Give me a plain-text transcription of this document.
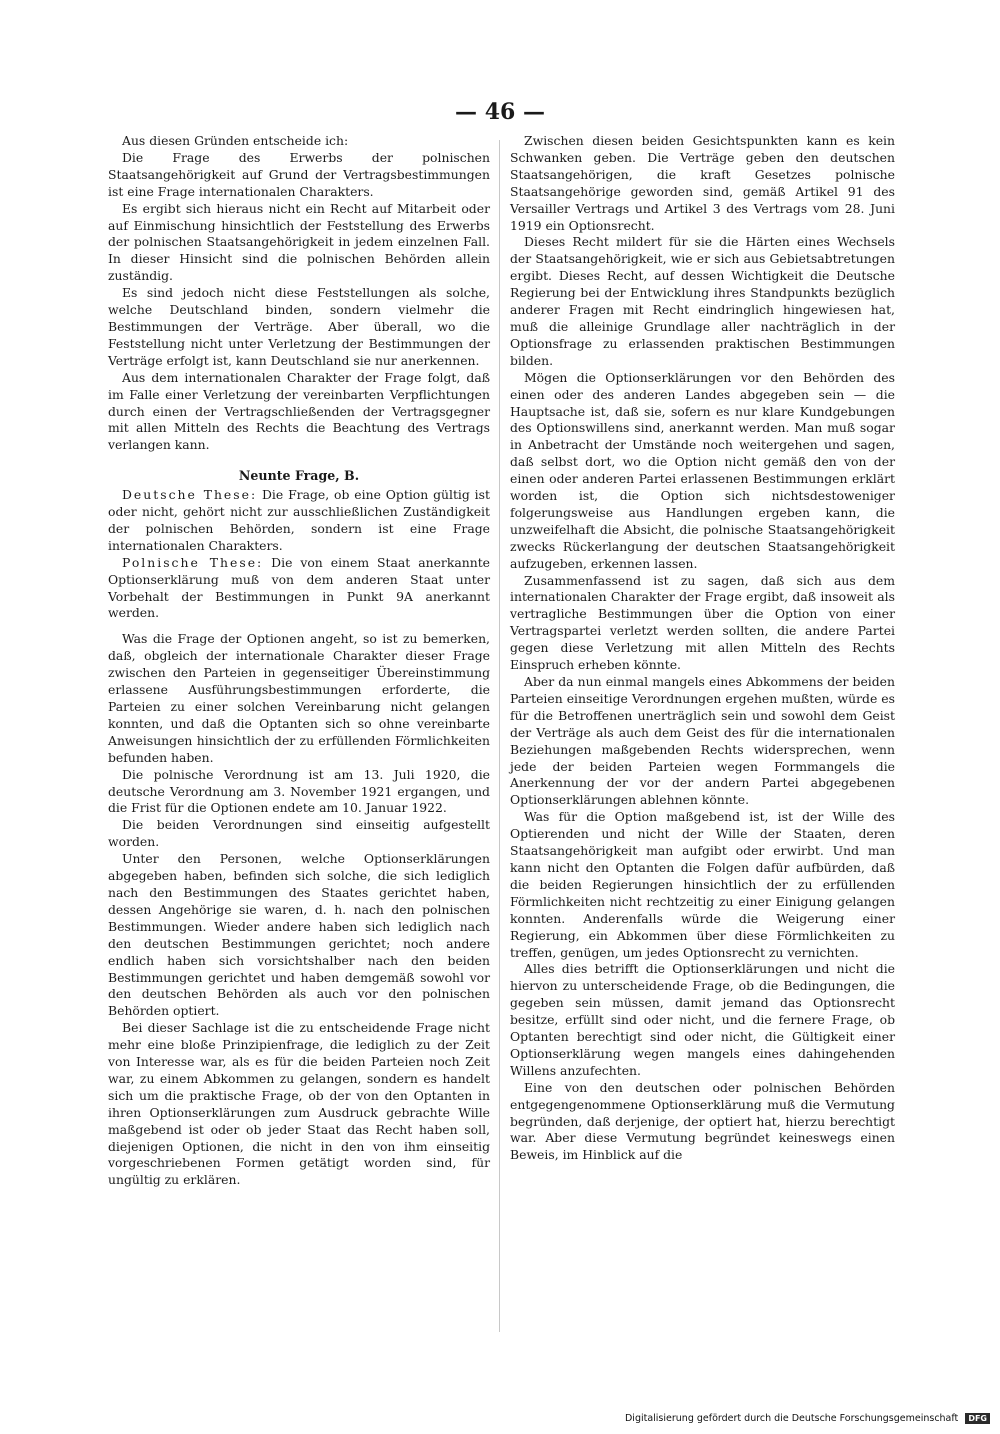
— 46 —

Aus diesen Gründen entscheide ich:

Die Frage des Erwerbs der polnischen Staatsangehörigkeit auf Grund der Vertragsbestimmungen ist eine Frage internationalen Charakters.

Es ergibt sich hieraus nicht ein Recht auf Mitarbeit oder auf Einmischung hinsichtlich der Feststellung des Erwerbs der polnischen Staatsangehörigkeit in jedem einzelnen Fall. In dieser Hinsicht sind die polnischen Behörden allein zuständig.

Es sind jedoch nicht diese Feststellungen als solche, welche Deutschland binden, sondern vielmehr die Bestimmungen der Verträge. Aber überall, wo die Feststellung nicht unter Verletzung der Bestimmungen der Verträge erfolgt ist, kann Deutschland sie nur anerkennen.

Aus dem internationalen Charakter der Frage folgt, daß im Falle einer Verletzung der vereinbarten Verpflichtungen durch einen der Vertragschließenden der Vertragsgegner mit allen Mitteln des Rechts die Beachtung des Vertrags verlangen kann.

Neunte Frage, B.

Deutsche These: Die Frage, ob eine Option gültig ist oder nicht, gehört nicht zur ausschließlichen Zuständigkeit der polnischen Behörden, sondern ist eine Frage internationalen Charakters.

Polnische These: Die von einem Staat anerkannte Optionserklärung muß von dem anderen Staat unter Vorbehalt der Bestimmungen in Punkt 9A anerkannt werden.

Was die Frage der Optionen angeht, so ist zu bemerken, daß, obgleich der internationale Charakter dieser Frage zwischen den Parteien in gegenseitiger Übereinstimmung erlassene Ausführungsbestimmungen erforderte, die Parteien zu einer solchen Vereinbarung nicht gelangen konnten, und daß die Optanten sich so ohne vereinbarte Anweisungen hinsichtlich der zu erfüllenden Förmlichkeiten befunden haben.

Die polnische Verordnung ist am 13. Juli 1920, die deutsche Verordnung am 3. November 1921 ergangen, und die Frist für die Optionen endete am 10. Januar 1922.

Die beiden Verordnungen sind einseitig aufgestellt worden.

Unter den Personen, welche Optionserklärungen abgegeben haben, befinden sich solche, die sich lediglich nach den Bestimmungen des Staates gerichtet haben, dessen Angehörige sie waren, d. h. nach den polnischen Bestimmungen. Wieder andere haben sich lediglich nach den deutschen Bestimmungen gerichtet; noch andere endlich haben sich vorsichtshalber nach den beiden Bestimmungen gerichtet und haben demgemäß sowohl vor den deutschen Behörden als auch vor den polnischen Behörden optiert.

Bei dieser Sachlage ist die zu entscheidende Frage nicht mehr eine bloße Prinzipienfrage, die lediglich zu der Zeit von Interesse war, als es für die beiden Parteien noch Zeit war, zu einem Abkommen zu gelangen, sondern es handelt sich um die praktische Frage, ob der von den Optanten in ihren Optionserklärungen zum Ausdruck gebrachte Wille maßgebend ist oder ob jeder Staat das Recht haben soll, diejenigen Optionen, die nicht in den von ihm einseitig vorgeschriebenen Formen getätigt worden sind, für ungültig zu erklären.

Zwischen diesen beiden Gesichtspunkten kann es kein Schwanken geben. Die Verträge geben den deutschen Staatsangehörigen, die kraft Gesetzes polnische Staatsangehörige geworden sind, gemäß Artikel 91 des Versailler Vertrags und Artikel 3 des Vertrags vom 28. Juni 1919 ein Optionsrecht.

Dieses Recht mildert für sie die Härten eines Wechsels der Staatsangehörigkeit, wie er sich aus Gebietsabtretungen ergibt. Dieses Recht, auf dessen Wichtigkeit die Deutsche Regierung bei der Entwicklung ihres Standpunkts bezüglich anderer Fragen mit Recht eindringlich hingewiesen hat, muß die alleinige Grundlage aller nachträglich in der Optionsfrage zu erlassenden praktischen Bestimmungen bilden.

Mögen die Optionserklärungen vor den Behörden des einen oder des anderen Landes abgegeben sein — die Hauptsache ist, daß sie, sofern es nur klare Kundgebungen des Optionswillens sind, anerkannt werden. Man muß sogar in Anbetracht der Umstände noch weitergehen und sagen, daß selbst dort, wo die Option nicht gemäß den von der einen oder anderen Partei erlassenen Bestimmungen erklärt worden ist, die Option sich nichtsdestoweniger folgerungsweise aus Handlungen ergeben kann, die unzweifelhaft die Absicht, die polnische Staatsangehörigkeit zwecks Rückerlangung der deutschen Staatsangehörigkeit aufzugeben, erkennen lassen.

Zusammenfassend ist zu sagen, daß sich aus dem internationalen Charakter der Frage ergibt, daß insoweit als vertragliche Bestimmungen über die Option von einer Vertragspartei verletzt werden sollten, die andere Partei gegen diese Verletzung mit allen Mitteln des Rechts Einspruch erheben könnte.

Aber da nun einmal mangels eines Abkommens der beiden Parteien einseitige Verordnungen ergehen mußten, würde es für die Betroffenen unerträglich sein und sowohl dem Geist der Verträge als auch dem Geist des für die internationalen Beziehungen maßgebenden Rechts widersprechen, wenn jede der beiden Parteien wegen Formmangels die Anerkennung der vor der andern Partei abgegebenen Optionserklärungen ablehnen könnte.

Was für die Option maßgebend ist, ist der Wille des Optierenden und nicht der Wille der Staaten, deren Staatsangehörigkeit man aufgibt oder erwirbt. Und man kann nicht den Optanten die Folgen dafür aufbürden, daß die beiden Regierungen hinsichtlich der zu erfüllenden Förmlichkeiten nicht rechtzeitig zu einer Einigung gelangen konnten. Anderenfalls würde die Weigerung einer Regierung, ein Abkommen über diese Förmlichkeiten zu treffen, genügen, um jedes Optionsrecht zu vernichten.

Alles dies betrifft die Optionserklärungen und nicht die hiervon zu unterscheidende Frage, ob die Bedingungen, die gegeben sein müssen, damit jemand das Optionsrecht besitze, erfüllt sind oder nicht, und die fernere Frage, ob Optanten berechtigt sind oder nicht, die Gültigkeit einer Optionserklärung wegen mangels eines dahingehenden Willens anzufechten.

Eine von den deutschen oder polnischen Behörden entgegengenommene Optionserklärung muß die Vermutung begründen, daß derjenige, der optiert hat, hierzu berechtigt war. Aber diese Vermutung begründet keineswegs einen Beweis, im Hinblick auf die

Digitalisierung gefördert durch die Deutsche Forschungsgemeinschaft DFG
